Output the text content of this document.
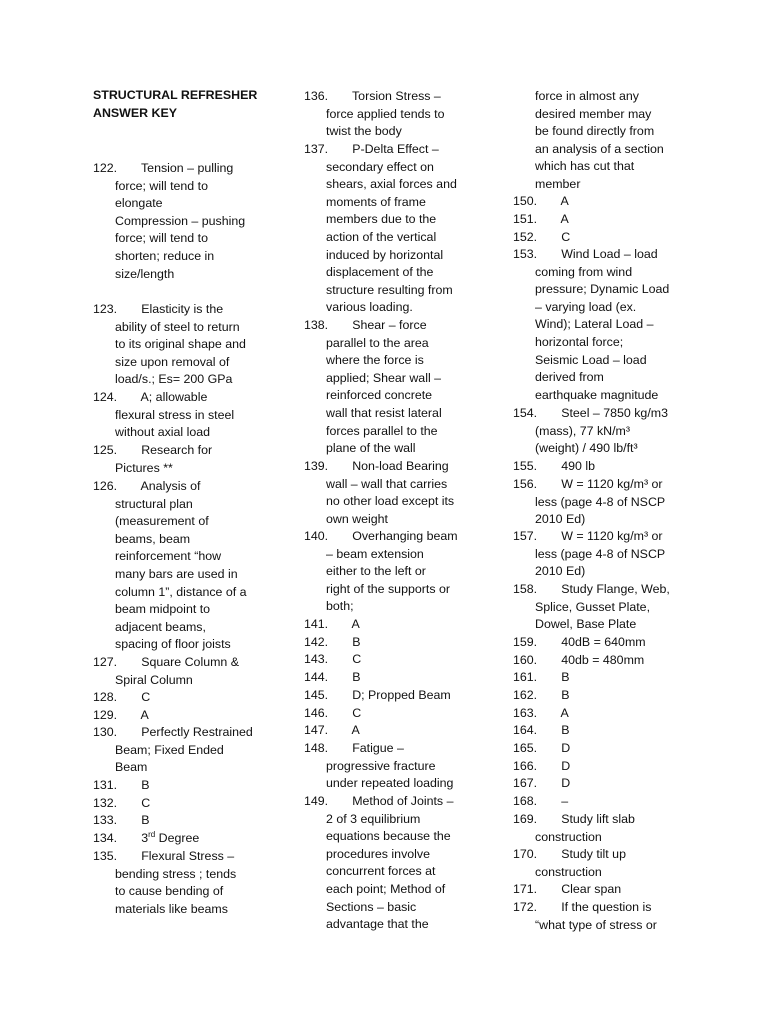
STRUCTURAL REFRESHER
ANSWER KEY
122.       Tension – pulling
force; will tend to
elongate
Compression – pushing
force; will tend to
shorten; reduce in
size/length
123.       Elasticity is the
ability of steel to return
to its original shape and
size upon removal of
load/s.; Es= 200 GPa
124.       A; allowable
flexural stress in steel
without axial load
125.       Research for
Pictures **
126.       Analysis of
structural plan
(measurement of
beams, beam
reinforcement “how
many bars are used in
column 1”, distance of a
beam midpoint to
adjacent beams,
spacing of floor joists
127.       Square Column &
Spiral Column
128.       C
129.       A
130.       Perfectly Restrained
Beam; Fixed Ended
Beam
131.       B
132.       C
133.       B
134.       3rd Degree
135.       Flexural Stress –
bending stress ; tends
to cause bending of
materials like beams
136.       Torsion Stress –
force applied tends to
twist the body
137.       P-Delta Effect –
secondary effect on
shears, axial forces and
moments of frame
members due to the
action of the vertical
induced by horizontal
displacement of the
structure resulting from
various loading.
138.       Shear – force
parallel to the area
where the force is
applied; Shear wall –
reinforced concrete
wall that resist lateral
forces parallel to the
plane of the wall
139.       Non-load Bearing
wall – wall that carries
no other load except its
own weight
140.       Overhanging beam
– beam extension
either to the left or
right of the supports or
both;
141.       A
142.       B
143.       C
144.       B
145.       D; Propped Beam
146.       C
147.       A
148.       Fatigue –
progressive fracture
under repeated loading
149.       Method of Joints –
2 of 3 equilibrium
equations because the
procedures involve
concurrent forces at
each point; Method of
Sections – basic
advantage that the
force in almost any
desired member may
be found directly from
an analysis of a section
which has cut that
member
150.       A
151.       A
152.       C
153.       Wind Load – load
coming from wind
pressure; Dynamic Load
– varying load (ex.
Wind); Lateral Load –
horizontal force;
Seismic Load – load
derived from
earthquake magnitude
154.       Steel – 7850 kg/m3
(mass), 77 kN/m³
(weight) / 490 lb/ft³
155.       490 lb
156.       W = 1120 kg/m³ or
less (page 4-8 of NSCP
2010 Ed)
157.       W = 1120 kg/m³ or
less (page 4-8 of NSCP
2010 Ed)
158.       Study Flange, Web,
Splice, Gusset Plate,
Dowel, Base Plate
159.       40dB = 640mm
160.       40db = 480mm
161.       B
162.       B
163.       A
164.       B
165.       D
166.       D
167.       D
168.       –
169.       Study lift slab
construction
170.       Study tilt up
construction
171.       Clear span
172.       If the question is
“what type of stress or
